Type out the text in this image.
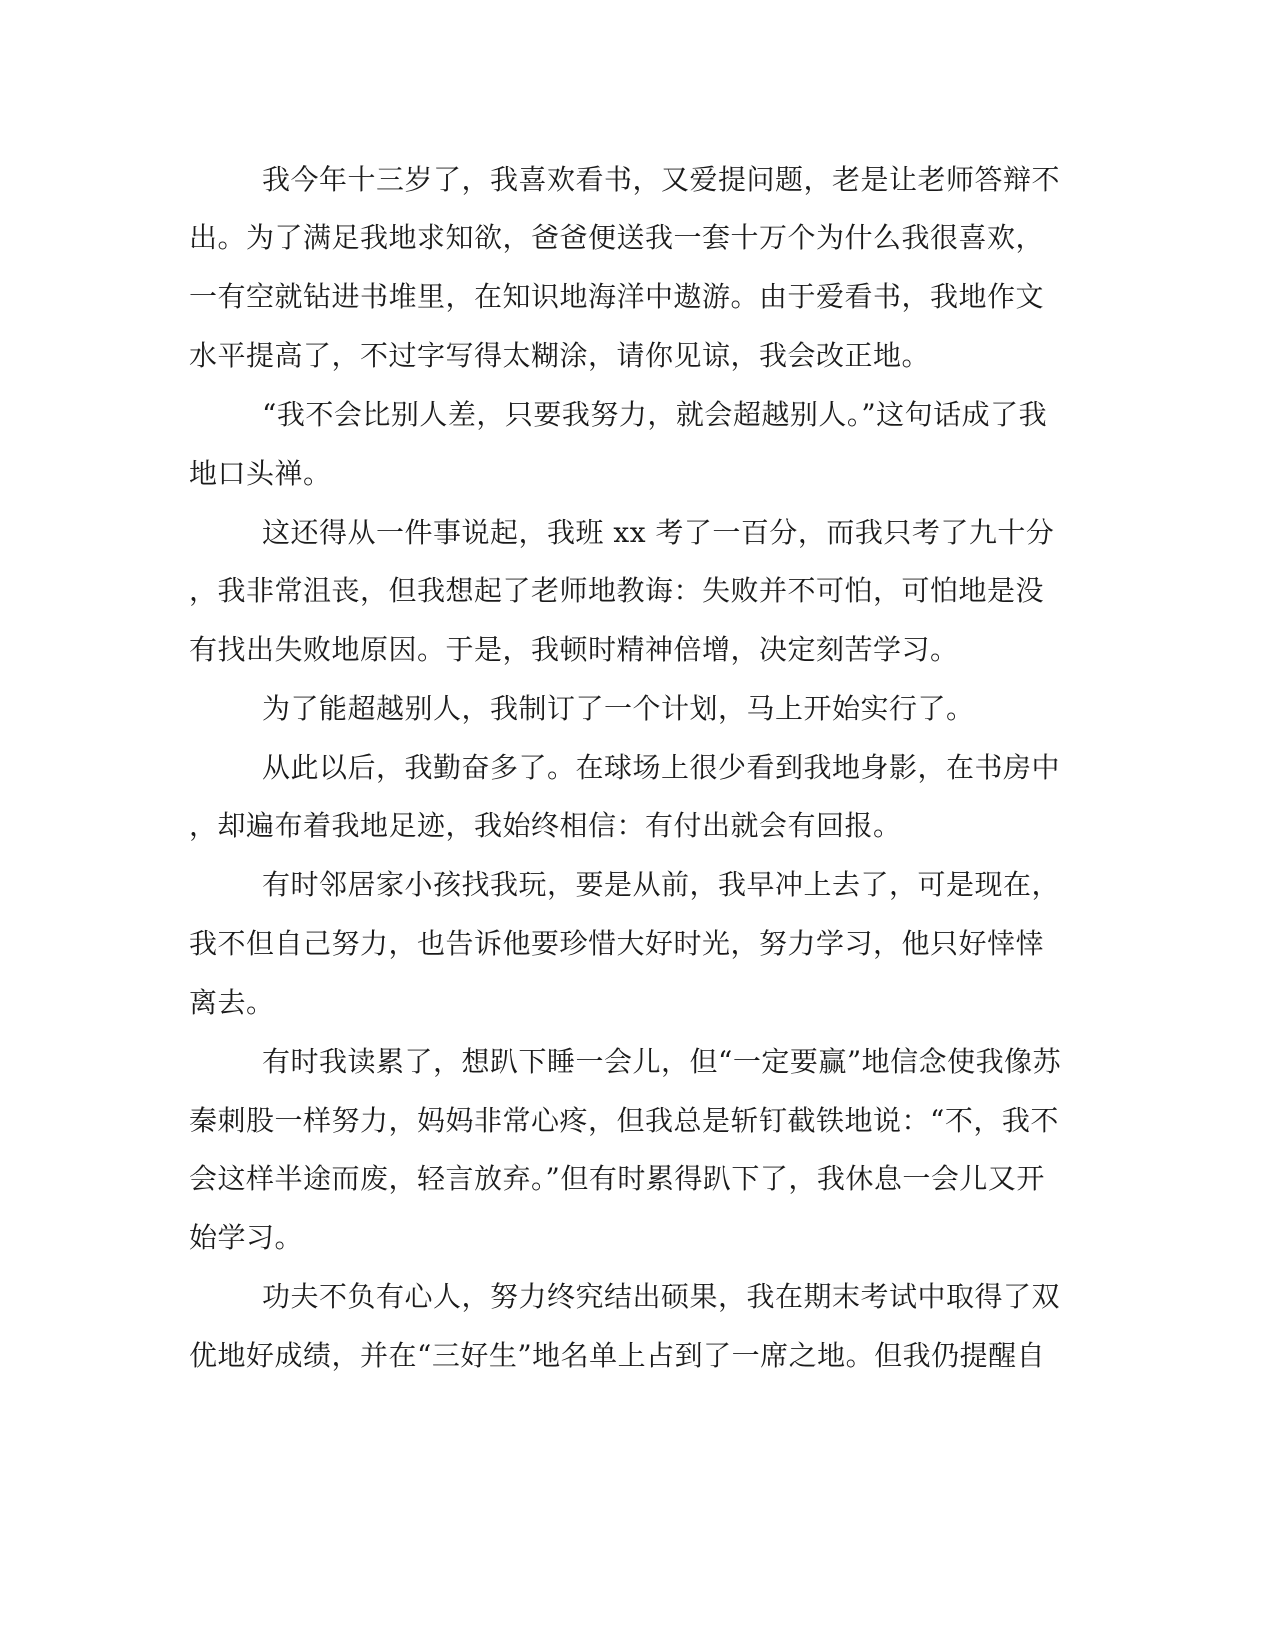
我今年十三岁了，我喜欢看书，又爱提问题，老是让老师答辩不
出。为了满足我地求知欲，爸爸便送我一套十万个为什么我很喜欢，
一有空就钻进书堆里，在知识地海洋中遨游。由于爱看书，我地作文
水平提高了，不过字写得太糊涂，请你见谅，我会改正地。
“我不会比别人差，只要我努力，就会超越别人。”这句话成了我
地口头禅。
这还得从一件事说起，我班 xx 考了一百分，而我只考了九十分
，我非常沮丧，但我想起了老师地教诲：失败并不可怕，可怕地是没
有找出失败地原因。于是，我顿时精神倍增，决定刻苦学习。
为了能超越别人，我制订了一个计划，马上开始实行了。
从此以后，我勤奋多了。在球场上很少看到我地身影，在书房中
，却遍布着我地足迹，我始终相信：有付出就会有回报。
有时邻居家小孩找我玩，要是从前，我早冲上去了，可是现在，
我不但自己努力，也告诉他要珍惜大好时光，努力学习，他只好悻悻
离去。
有时我读累了，想趴下睡一会儿，但“一定要赢”地信念使我像苏
秦刺股一样努力，妈妈非常心疼，但我总是斩钉截铁地说：“不，我不
会这样半途而废，轻言放弃。”但有时累得趴下了，我休息一会儿又开
始学习。
功夫不负有心人，努力终究结出硕果，我在期末考试中取得了双
优地好成绩，并在“三好生”地名单上占到了一席之地。但我仍提醒自
